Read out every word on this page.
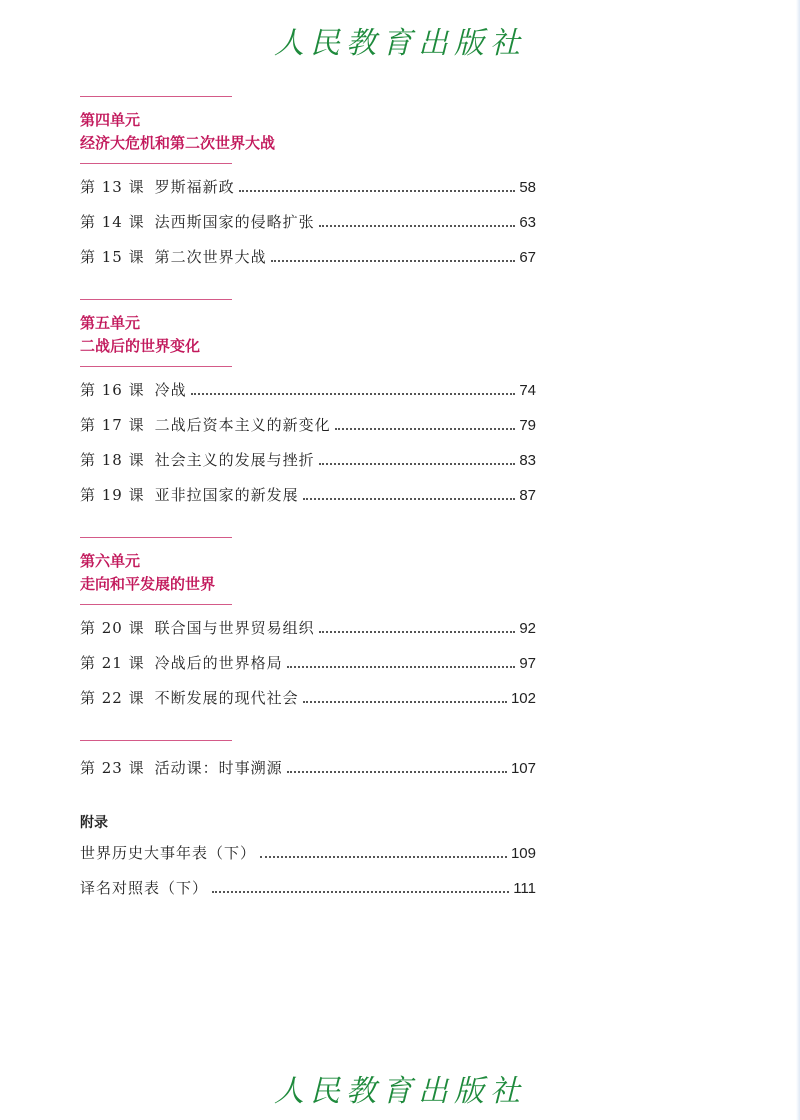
人民教育出版社
第四单元
经济大危机和第二次世界大战
第 13 课 罗斯福新政	58
第 14 课 法西斯国家的侵略扩张	63
第 15 课 第二次世界大战	67
第五单元
二战后的世界变化
第 16 课 冷战	74
第 17 课 二战后资本主义的新变化	79
第 18 课 社会主义的发展与挫折	83
第 19 课 亚非拉国家的新发展	87
第六单元
走向和平发展的世界
第 20 课 联合国与世界贸易组织	92
第 21 课 冷战后的世界格局	97
第 22 课 不断发展的现代社会	102
第 23 课 活动课：时事溯源	107
附录
世界历史大事年表（下）	109
译名对照表（下）	111
人民教育出版社
